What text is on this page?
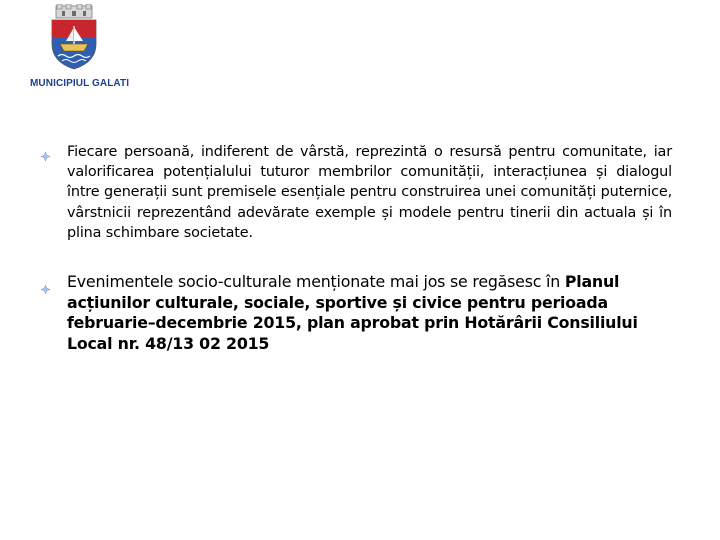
MUNICIPIUL GALATI
Fiecare persoană, indiferent de vârstă, reprezintă o resursă pentru comunitate, iar valorificarea potențialului tuturor membrilor comunității, interacțiunea și dialogul între generații sunt premisele esențiale pentru construirea unei comunități puternice, vârstnicii reprezentând adevărate exemple și modele pentru tinerii din actuala și în plina schimbare societate.
Evenimentele socio-culturale menționate mai jos se regăsesc în Planul acțiunilor culturale, sociale, sportive și civice pentru perioada februarie–decembrie 2015, plan aprobat prin Hotărârii Consiliului Local nr. 48/13 02 2015
